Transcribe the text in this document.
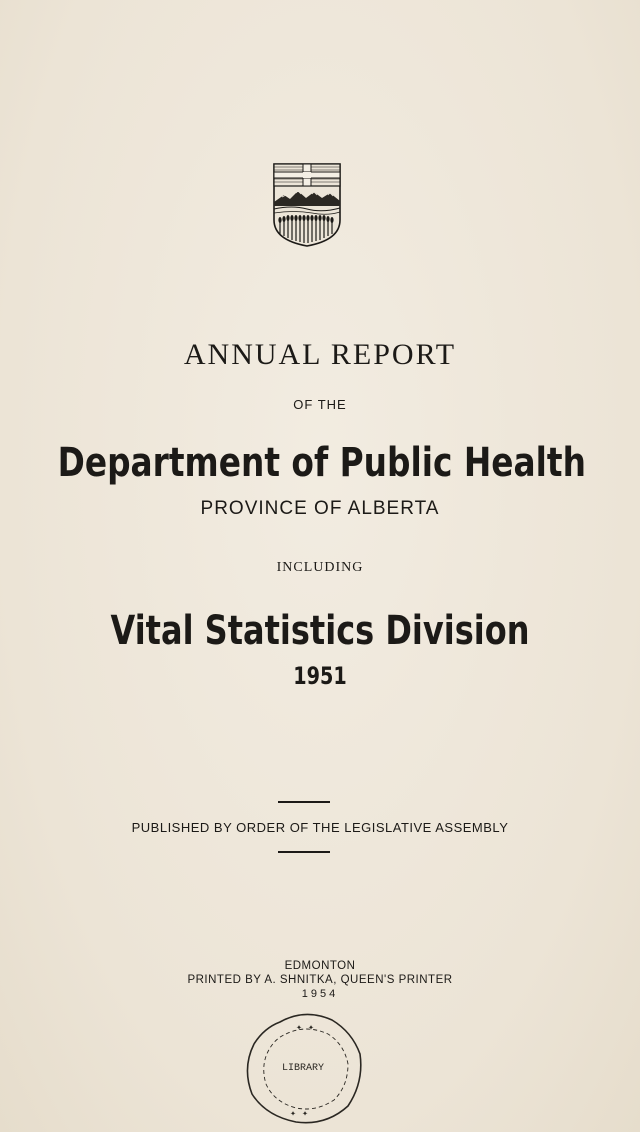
ANNUAL REPORT
OF THE
Department of Public Health
PROVINCE OF ALBERTA
INCLUDING
Vital Statistics Division
1951
PUBLISHED BY ORDER OF THE LEGISLATIVE ASSEMBLY
EDMONTON
PRINTED BY A. SHNITKA, QUEEN'S PRINTER
1954
LIBRARY
✦ ✦
✦ ✦
